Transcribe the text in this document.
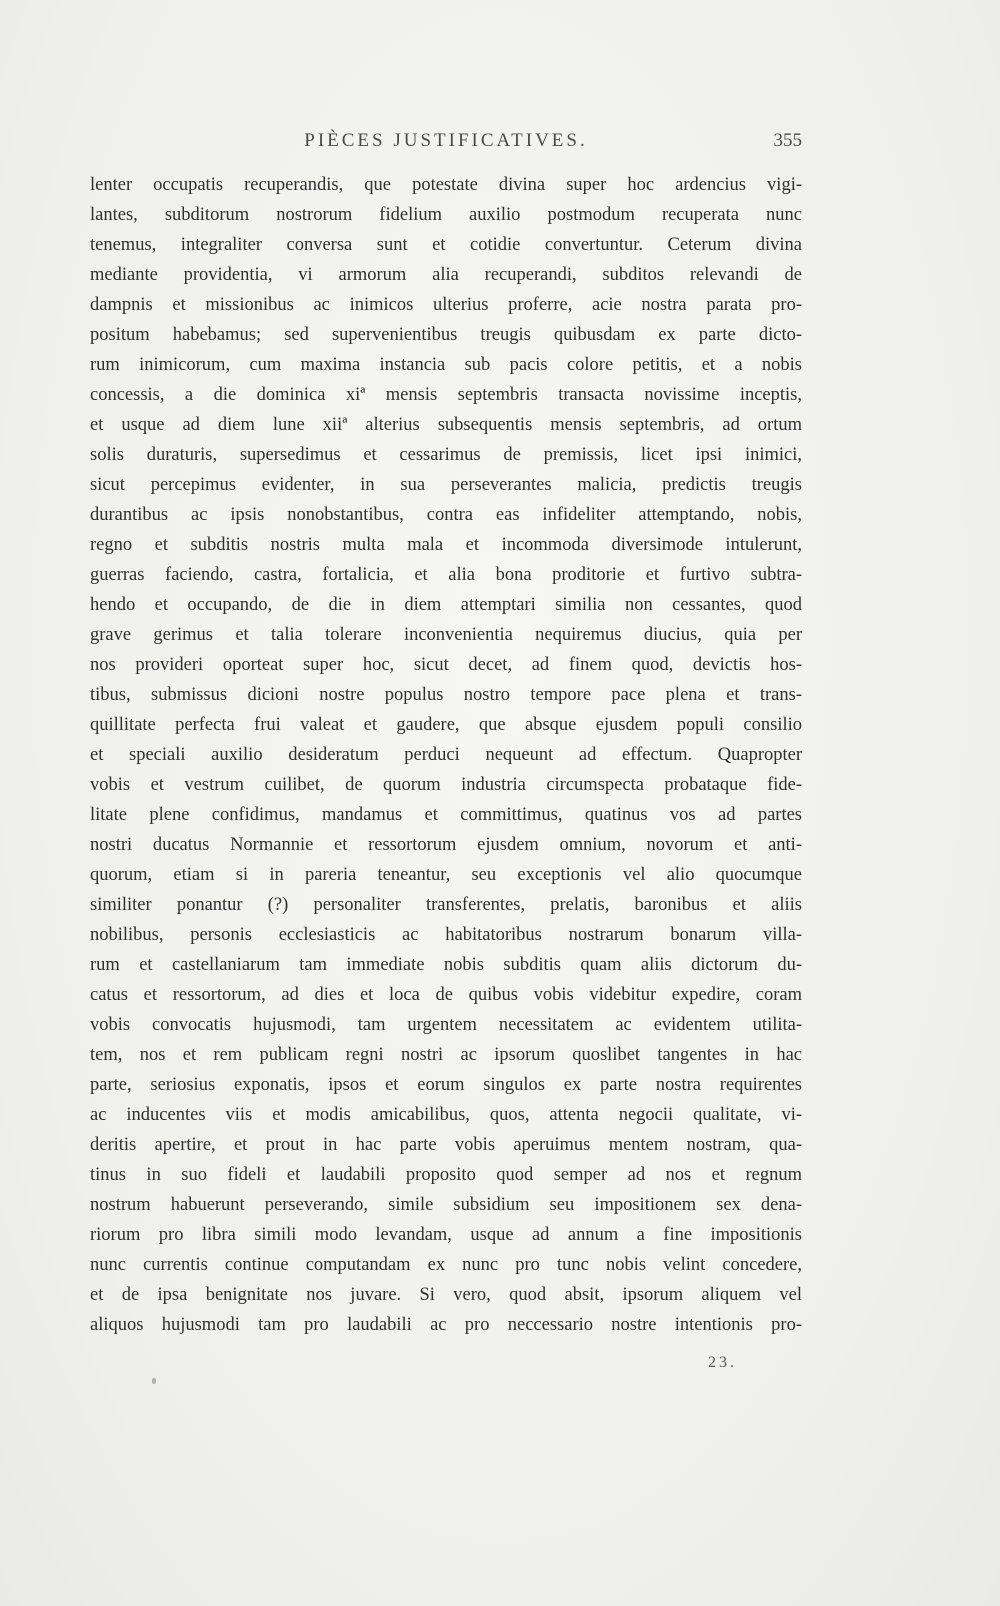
PIÈCES JUSTIFICATIVES.	355
lenter occupatis recuperandis, que potestate divina super hoc ardencius vigi-
lantes, subditorum nostrorum fidelium auxilio postmodum recuperata nunc
tenemus, integraliter conversa sunt et cotidie convertuntur. Ceterum divina
mediante providentia, vi armorum alia recuperandi, subditos relevandi de
dampnis et missionibus ac inimicos ulterius proferre, acie nostra parata pro-
positum habebamus; sed supervenientibus treugis quibusdam ex parte dicto-
rum inimicorum, cum maxima instancia sub pacis colore petitis, et a nobis
concessis, a die dominica xiª mensis septembris transacta novissime inceptis,
et usque ad diem lune xiiª alterius subsequentis mensis septembris, ad ortum
solis duraturis, supersedimus et cessarimus de premissis, licet ipsi inimici,
sicut percepimus evidenter, in sua perseverantes malicia, predictis treugis
durantibus ac ipsis nonobstantibus, contra eas infideliter attemptando, nobis,
regno et subditis nostris multa mala et incommoda diversimode intulerunt,
guerras faciendo, castra, fortalicia, et alia bona proditorie et furtivo subtra-
hendo et occupando, de die in diem attemptari similia non cessantes, quod
grave gerimus et talia tolerare inconvenientia nequiremus diucius, quia per
nos provideri oporteat super hoc, sicut decet, ad finem quod, devictis hos-
tibus, submissus dicioni nostre populus nostro tempore pace plena et trans-
quillitate perfecta frui valeat et gaudere, que absque ejusdem populi consilio
et speciali auxilio desideratum perduci nequeunt ad effectum. Quapropter
vobis et vestrum cuilibet, de quorum industria circumspecta probataque fide-
litate plene confidimus, mandamus et committimus, quatinus vos ad partes
nostri ducatus Normannie et ressortorum ejusdem omnium, novorum et anti-
quorum, etiam si in pareria teneantur, seu exceptionis vel alio quocumque
similiter ponantur (?) personaliter transferentes, prelatis, baronibus et aliis
nobilibus, personis ecclesiasticis ac habitatoribus nostrarum bonarum villa-
rum et castellaniarum tam immediate nobis subditis quam aliis dictorum du-
catus et ressortorum, ad dies et loca de quibus vobis videbitur expedire, coram
vobis convocatis hujusmodi, tam urgentem necessitatem ac evidentem utilita-
tem, nos et rem publicam regni nostri ac ipsorum quoslibet tangentes in hac
parte, seriosius exponatis, ipsos et eorum singulos ex parte nostra requirentes
ac inducentes viis et modis amicabilibus, quos, attenta negocii qualitate, vi-
deritis apertire, et prout in hac parte vobis aperuimus mentem nostram, qua-
tinus in suo fideli et laudabili proposito quod semper ad nos et regnum
nostrum habuerunt perseverando, simile subsidium seu impositionem sex dena-
riorum pro libra simili modo levandam, usque ad annum a fine impositionis
nunc currentis continue computandam ex nunc pro tunc nobis velint concedere,
et de ipsa benignitate nos juvare. Si vero, quod absit, ipsorum aliquem vel
aliquos hujusmodi tam pro laudabili ac pro neccessario nostre intentionis pro-
23.
